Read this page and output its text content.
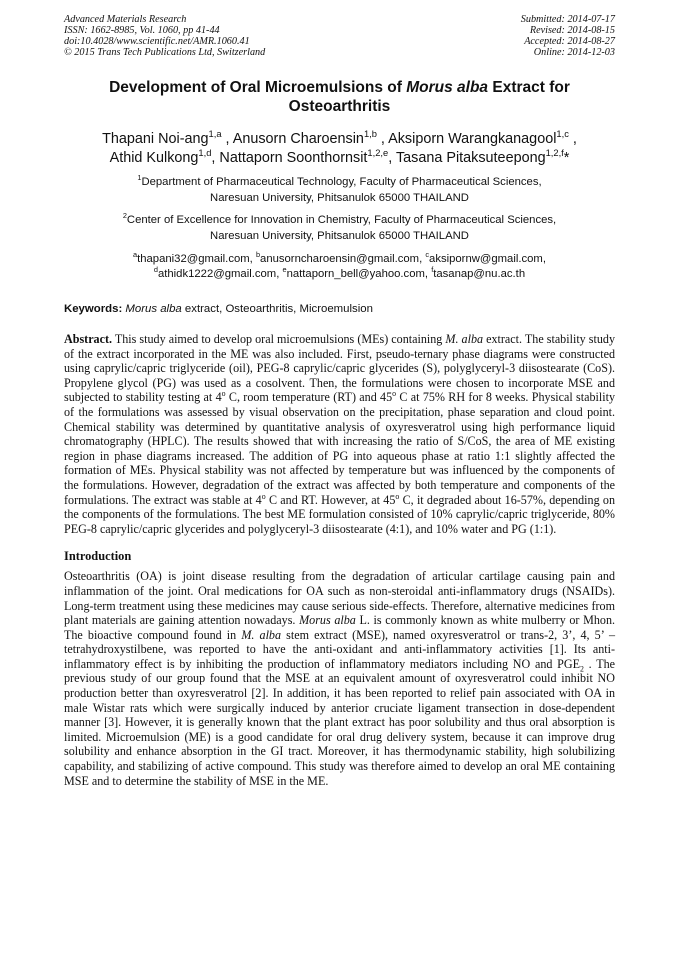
Advanced Materials Research
ISSN: 1662-8985, Vol. 1060, pp 41-44
doi:10.4028/www.scientific.net/AMR.1060.41
© 2015 Trans Tech Publications Ltd, Switzerland
Submitted: 2014-07-17
Revised: 2014-08-15
Accepted: 2014-08-27
Online: 2014-12-03
Development of Oral Microemulsions of Morus alba Extract for Osteoarthritis
Thapani Noi-ang$^{1,a}$ , Anusorn Charoensin$^{1,b}$ , Aksiporn Warangkanagool$^{1,c}$ ,
Athid Kulkong$^{1,d}$, Nattaporn Soonthornsit$^{1,2,e}$, Tasana Pitaksuteepong$^{1,2,f}$*
$^1$Department of Pharmaceutical Technology, Faculty of Pharmaceutical Sciences,
Naresuan University, Phitsanulok 65000 THAILAND
$^2$Center of Excellence for Innovation in Chemistry, Faculty of Pharmaceutical Sciences,
Naresuan University, Phitsanulok 65000 THAILAND
$^a$thapani32@gmail.com, $^b$anusorncharoensin@gmail.com, $^c$aksipornw@gmail.com,
$^d$athidk1222@gmail.com, $^e$nattaporn_bell@yahoo.com, $^f$tasanap@nu.ac.th
Keywords: Morus alba extract, Osteoarthritis, Microemulsion
Abstract. This study aimed to develop oral microemulsions (MEs) containing M. alba extract. The stability study of the extract incorporated in the ME was also included. First, pseudo-ternary phase diagrams were constructed using caprylic/capric triglyceride (oil), PEG-8 caprylic/capric glycerides (S), polyglyceryl-3 diisostearate (CoS). Propylene glycol (PG) was used as a cosolvent. Then, the formulations were chosen to incorporate MSE and subjected to stability testing at 4$^o$ C, room temperature (RT) and 45$^o$ C at 75% RH for 8 weeks. Physical stability of the formulations was assessed by visual observation on the precipitation, phase separation and cloud point. Chemical stability was determined by quantitative analysis of oxyresveratrol using high performance liquid chromatography (HPLC). The results showed that with increasing the ratio of S/CoS, the area of ME existing region in phase diagrams increased. The addition of PG into aqueous phase at ratio 1:1 slightly affected the formation of MEs. Physical stability was not affected by temperature but was influenced by the components of the formulations. However, degradation of the extract was affected by both temperature and components of the formulations. The extract was stable at 4$^o$ C and RT. However, at 45$^o$ C, it degraded about 16-57%, depending on the components of the formulations. The best ME formulation consisted of 10% caprylic/capric triglyceride, 80% PEG-8 caprylic/capric glycerides and polyglyceryl-3 diisostearate (4:1), and 10% water and PG (1:1).
Introduction
Osteoarthritis (OA) is joint disease resulting from the degradation of articular cartilage causing pain and inflammation of the joint. Oral medications for OA such as non-steroidal anti-inflammatory drugs (NSAIDs). Long-term treatment using these medicines may cause serious side-effects. Therefore, alternative medicines from plant materials are gaining attention nowadays. Morus alba L. is commonly known as white mulberry or Mhon. The bioactive compound found in M. alba stem extract (MSE), named oxyresveratrol or trans-2, 3’, 4, 5’ –tetrahydroxystilbene, was reported to have the anti-oxidant and anti-inflammatory activities [1]. Its anti-inflammatory effect is by inhibiting the production of inflammatory mediators including NO and $PGE_2$ . The previous study of our group found that the MSE at an equivalent amount of oxyresveratrol could inhibit NO production better than oxyresveratrol [2]. In addition, it has been reported to relief pain associated with OA in male Wistar rats which were surgically induced by anterior cruciate ligament transection in dose-dependent manner [3]. However, it is generally known that the plant extract has poor solubility and thus oral absorption is limited. Microemulsion (ME) is a good candidate for oral drug delivery system, because it can improve drug solubility and enhance absorption in the GI tract. Moreover, it has thermodynamic stability, high solubilizing capability, and stabilizing of active compound. This study was therefore aimed to develop an oral ME containing MSE and to determine the stability of MSE in the ME.
